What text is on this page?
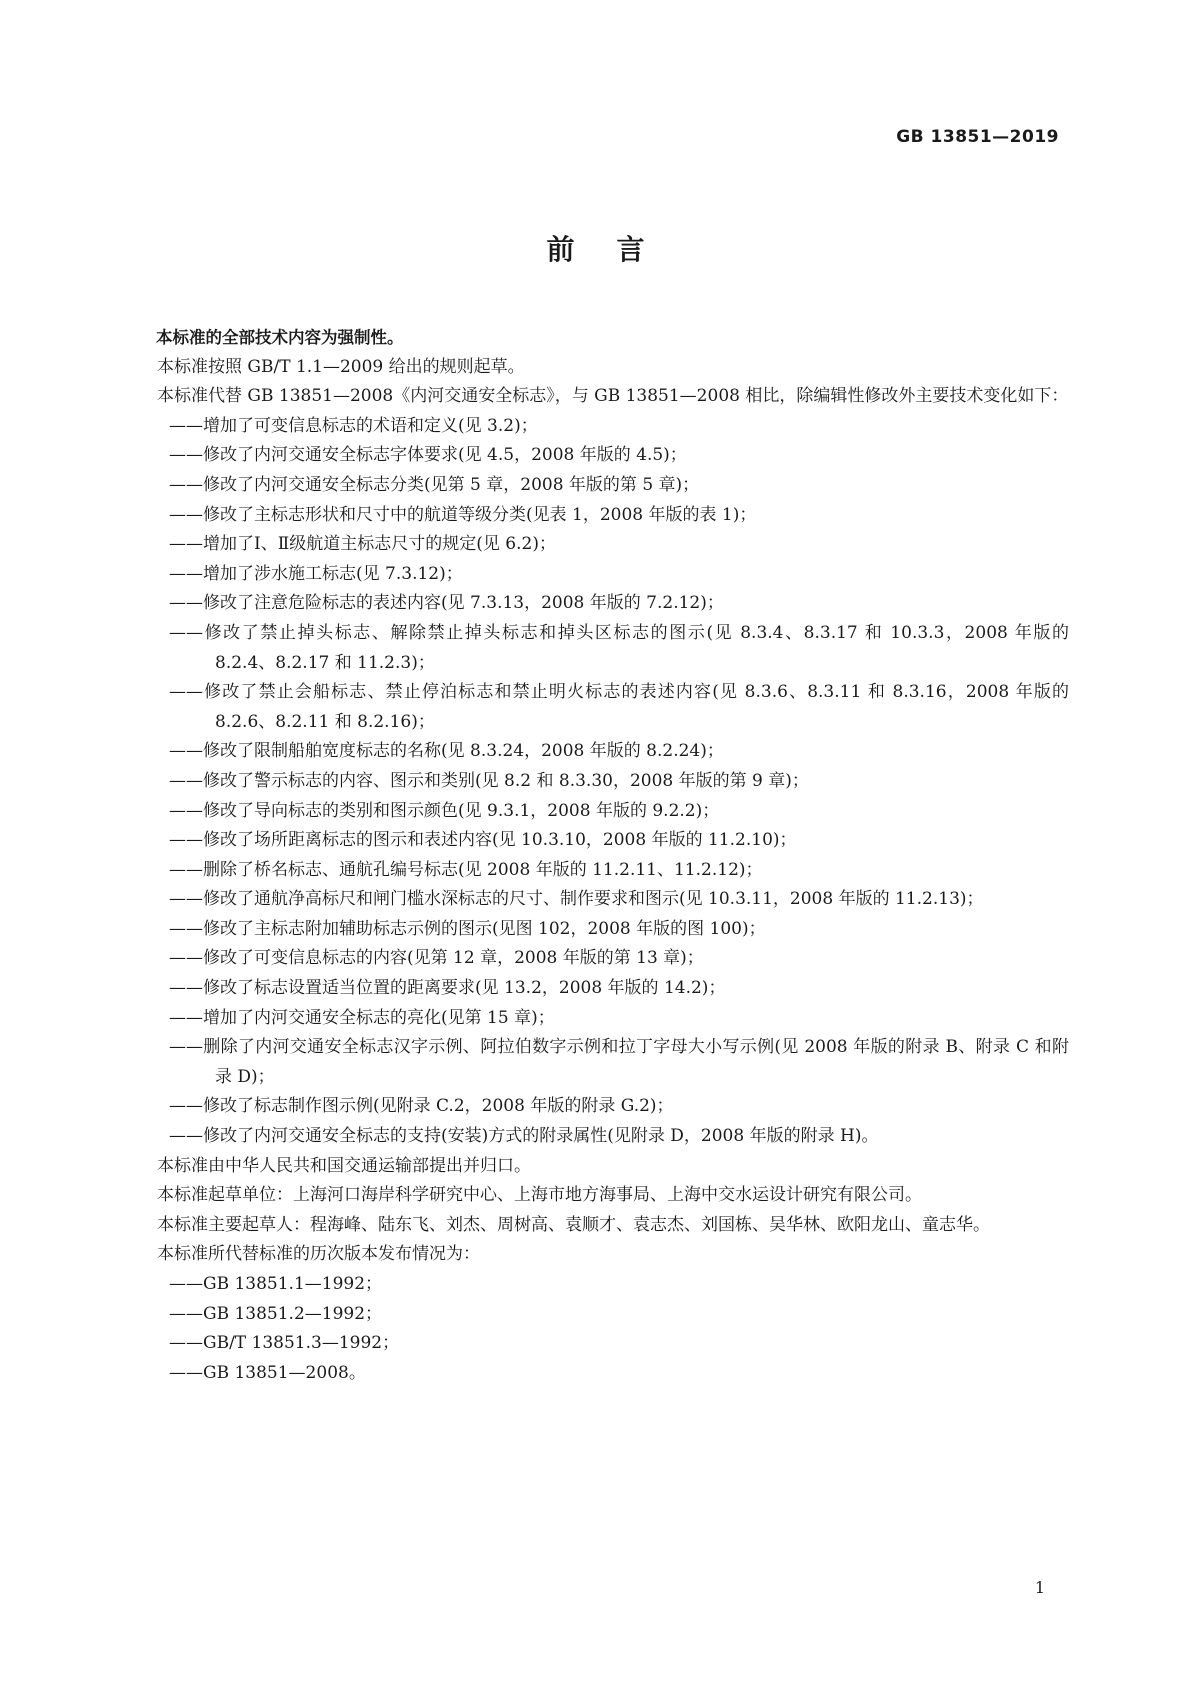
GB 13851—2019
前言
本标准的全部技术内容为强制性。
本标准按照 GB/T 1.1—2009 给出的规则起草。
本标准代替 GB 13851—2008《内河交通安全标志》，与 GB 13851—2008 相比，除编辑性修改外主要技术变化如下：
——增加了可变信息标志的术语和定义(见 3.2)；
——修改了内河交通安全标志字体要求(见 4.5，2008 年版的 4.5)；
——修改了内河交通安全标志分类(见第 5 章，2008 年版的第 5 章)；
——修改了主标志形状和尺寸中的航道等级分类(见表 1，2008 年版的表 1)；
——增加了Ⅰ、Ⅱ级航道主标志尺寸的规定(见 6.2)；
——增加了涉水施工标志(见 7.3.12)；
——修改了注意危险标志的表述内容(见 7.3.13，2008 年版的 7.2.12)；
——修改了禁止掉头标志、解除禁止掉头标志和掉头区标志的图示(见 8.3.4、8.3.17 和 10.3.3，2008 年版的 8.2.4、8.2.17 和 11.2.3)；
——修改了禁止会船标志、禁止停泊标志和禁止明火标志的表述内容(见 8.3.6、8.3.11 和 8.3.16，2008 年版的 8.2.6、8.2.11 和 8.2.16)；
——修改了限制船舶宽度标志的名称(见 8.3.24，2008 年版的 8.2.24)；
——修改了警示标志的内容、图示和类别(见 8.2 和 8.3.30，2008 年版的第 9 章)；
——修改了导向标志的类别和图示颜色(见 9.3.1，2008 年版的 9.2.2)；
——修改了场所距离标志的图示和表述内容(见 10.3.10，2008 年版的 11.2.10)；
——删除了桥名标志、通航孔编号标志(见 2008 年版的 11.2.11、11.2.12)；
——修改了通航净高标尺和闸门槛水深标志的尺寸、制作要求和图示(见 10.3.11，2008 年版的 11.2.13)；
——修改了主标志附加辅助标志示例的图示(见图 102，2008 年版的图 100)；
——修改了可变信息标志的内容(见第 12 章，2008 年版的第 13 章)；
——修改了标志设置适当位置的距离要求(见 13.2，2008 年版的 14.2)；
——增加了内河交通安全标志的亮化(见第 15 章)；
——删除了内河交通安全标志汉字示例、阿拉伯数字示例和拉丁字母大小写示例(见 2008 年版的附录 B、附录 C 和附录 D)；
——修改了标志制作图示例(见附录 C.2，2008 年版的附录 G.2)；
——修改了内河交通安全标志的支持(安装)方式的附录属性(见附录 D，2008 年版的附录 H)。
本标准由中华人民共和国交通运输部提出并归口。
本标准起草单位：上海河口海岸科学研究中心、上海市地方海事局、上海中交水运设计研究有限公司。
本标准主要起草人：程海峰、陆东飞、刘杰、周树高、袁顺才、袁志杰、刘国栋、吴华林、欧阳龙山、童志华。
本标准所代替标准的历次版本发布情况为：
——GB 13851.1—1992；
——GB 13851.2—1992；
——GB/T 13851.3—1992；
——GB 13851—2008。
1
